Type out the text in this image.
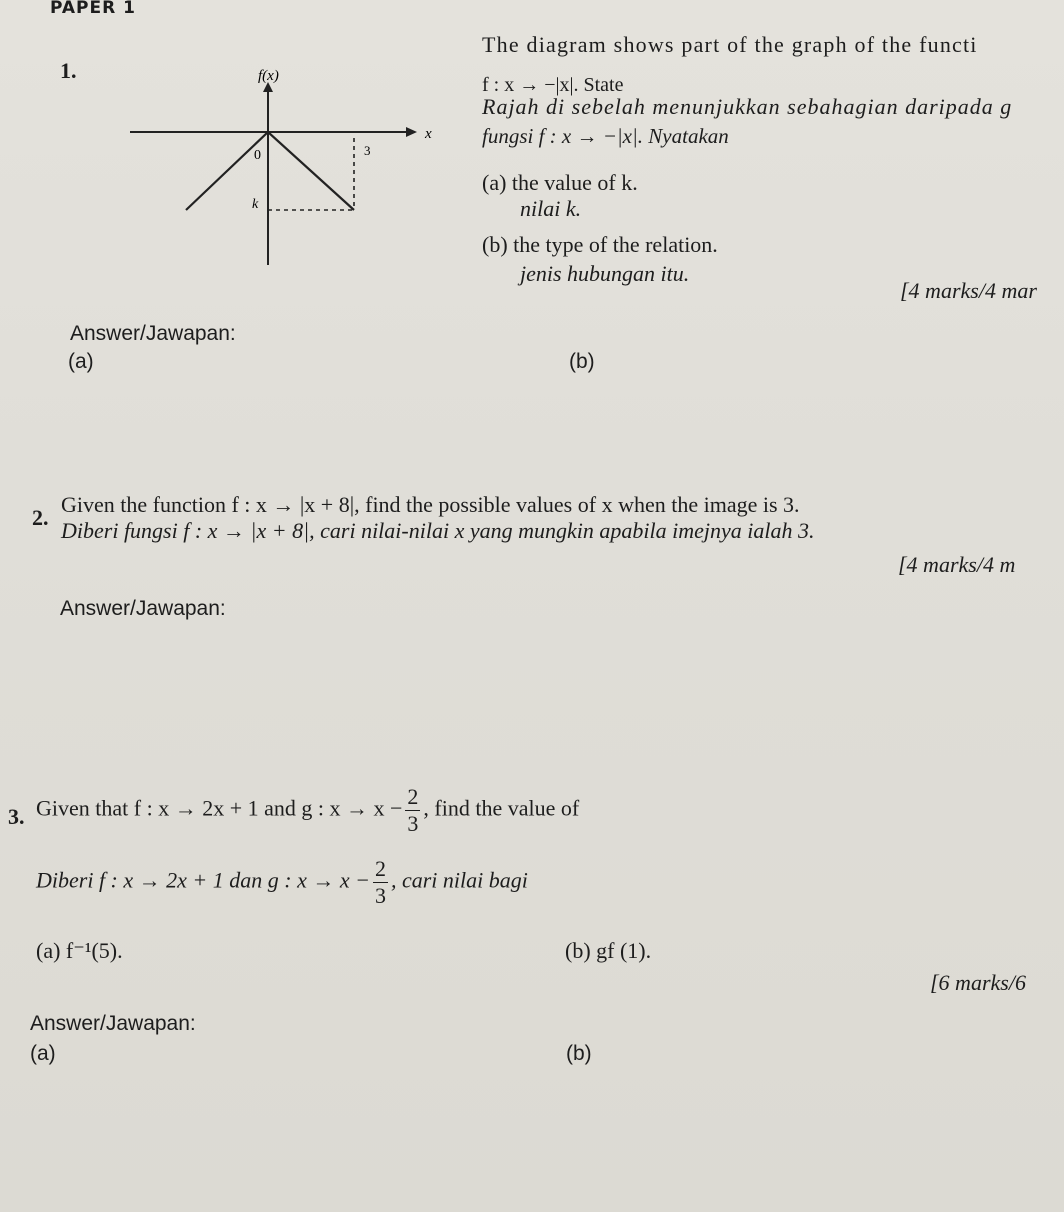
PAPER 1
1.	f(x)
x
0	3
k
The diagram shows part of the graph of the functi
f : x → −|x|. State
Rajah di sebelah menunjukkan sebahagian daripada g
fungsi f : x → −|x|. Nyatakan
(a) the value of k.
nilai k.
(b) the type of the relation.
jenis hubungan itu.
[4 marks/4 mar
Answer/Jawapan:
(a)	(b)
2.
Given the function f : x → |x + 8|, find the possible values of x when the image is 3.
Diberi fungsi f : x → |x + 8|, cari nilai-nilai x yang mungkin apabila imejnya ialah 3.
[4 marks/4 m
Answer/Jawapan:
3. Given that f : x → 2x + 1 and g : $x \to x - \frac{2}{3}$ , find the value of
Diberi f : x → 2x + 1 dan g : $x \to x - \frac{2}{3}$ , cari nilai bagi
(a) f⁻¹(5).	(b) gf (1).
[6 marks/6
Answer/Jawapan:
(a)	(b)
